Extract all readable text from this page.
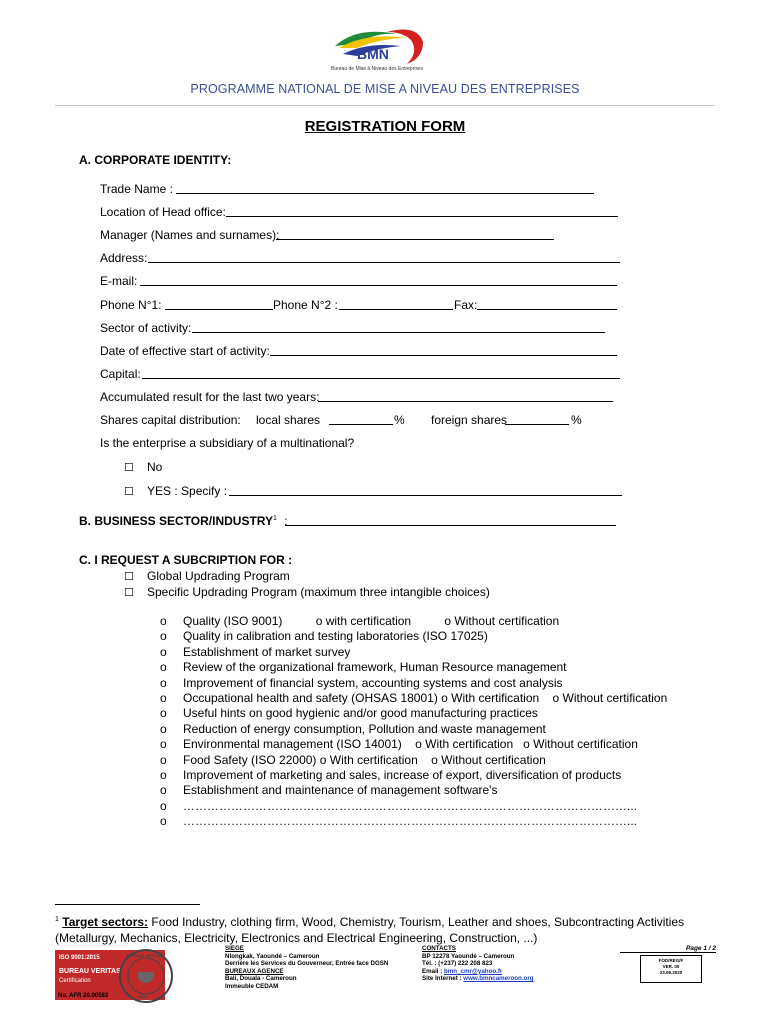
BMN
Bureau de Mise à Niveau des Entreprises
PROGRAMME NATIONAL DE MISE A NIVEAU DES ENTREPRISES
REGISTRATION FORM
A. CORPORATE IDENTITY:
Trade Name :
Location of Head office:
Manager (Names and surnames):
Address:
E-mail:
Phone N°1:	Phone N°2 :	Fax:
Sector of activity:
Date of effective start of activity:
Capital:
Accumulated result for the last two years:
Shares capital distribution: local shares	% foreign shares	%
Is the enterprise a subsidiary of a multinational?
☐ No
☐ YES : Specify :
B. BUSINESS SECTOR/INDUSTRY$^1$ :
C. I REQUEST A SUBCRIPTION FOR :
☐ Global Updrading Program
☐ Specific Updrading Program (maximum three intangible choices)
o Quality (ISO 9001)          o with certification          o Without certification
o Quality in calibration and testing laboratories (ISO 17025)
o Establishment of market survey
o Review of the organizational framework, Human Resource management
o Improvement of financial system, accounting systems and cost analysis
o Occupational health and safety (OHSAS 18001) o With certification    o Without certification
o Useful hints on good hygienic and/or good manufacturing practices
o Reduction of energy consumption, Pollution and waste management
o Environmental management (ISO 14001)    o With certification   o Without certification
o Food Safety (ISO 22000) o With certification    o Without certification
o Improvement of marketing and sales, increase of export, diversification of products
o Establishment and maintenance of management software's
o …………………………………………………………………………………………………...
o …………………………………………………………………………………………………...
$^1$ Target sectors: Food Industry, clothing firm, Wood, Chemistry, Tourism, Leather and shoes, Subcontracting Activities
(Metallurgy, Mechanics, Electricity, Electronics and Electrical Engineering, Construction, ...)
ISO 9001:2015
BUREAU VERITAS
Certification
No. AFR 20.00583
BUREAU VERITAS
1828
SIEGE
Nlongkak, Yaoundé – Cameroun
Derrière les Services du Gouverneur, Entrée face DGSN
BUREAUX AGENCE
Bali, Douala - Cameroun
Immeuble CEDAM
CONTACTS
BP 12278 Yaoundé – Cameroun
Tél. : (+237) 222 208 823
Email : bmn_cmr@yahoo.fr
Site Internet : www.bmncameroon.org
Page 1 / 2
FOD/REG/F
VER. 00
23.09.2020
